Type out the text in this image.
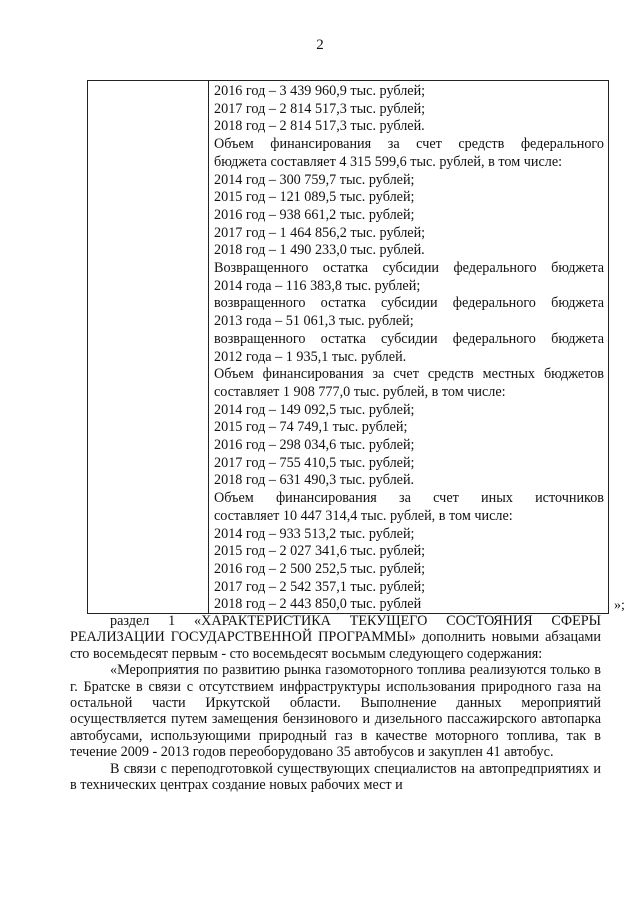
2
2016 год – 3 439 960,9 тыс. рублей;
2017 год – 2 814 517,3 тыс. рублей;
2018 год – 2 814 517,3 тыс. рублей.
Объем финансирования за счет средств федерального
бюджета составляет 4 315 599,6 тыс. рублей, в том числе:
2014 год – 300 759,7 тыс. рублей;
2015 год – 121 089,5 тыс. рублей;
2016 год – 938 661,2 тыс. рублей;
2017 год – 1 464 856,2 тыс. рублей;
2018 год – 1 490 233,0 тыс. рублей.
Возвращенного остатка субсидии федерального бюджета
2014 года – 116 383,8 тыс. рублей;
возвращенного остатка субсидии федерального бюджета
2013 года – 51 061,3 тыс. рублей;
возвращенного остатка субсидии федерального бюджета
2012 года – 1 935,1 тыс. рублей.
Объем финансирования за счет средств местных бюджетов
составляет 1 908 777,0 тыс. рублей, в том числе:
2014 год – 149 092,5 тыс. рублей;
2015 год – 74 749,1 тыс. рублей;
2016 год – 298 034,6 тыс. рублей;
2017 год – 755 410,5 тыс. рублей;
2018 год – 631 490,3 тыс. рублей.
Объем финансирования за счет иных источников
составляет 10 447 314,4 тыс. рублей, в том числе:
2014 год – 933 513,2 тыс. рублей;
2015 год – 2 027 341,6 тыс. рублей;
2016 год – 2 500 252,5 тыс. рублей;
2017 год – 2 542 357,1 тыс. рублей;
2018 год – 2 443 850,0 тыс. рублей	»;

раздел 1 «ХАРАКТЕРИСТИКА ТЕКУЩЕГО СОСТОЯНИЯ СФЕРЫ РЕАЛИЗАЦИИ ГОСУДАРСТВЕННОЙ ПРОГРАММЫ» дополнить новыми абзацами сто восемьдесят первым - сто восемьдесят восьмым следующего содержания:

«Мероприятия по развитию рынка газомоторного топлива реализуются только в г. Братске в связи с отсутствием инфраструктуры использования природного газа на остальной части Иркутской области. Выполнение данных мероприятий осуществляется путем замещения бензинового и дизельного пассажирского автопарка автобусами, использующими природный газ в качестве моторного топлива, так в течение 2009 - 2013 годов переоборудовано 35 автобусов и закуплен 41 автобус.

В связи с переподготовкой существующих специалистов на автопредприятиях и в технических центрах создание новых рабочих мест и
